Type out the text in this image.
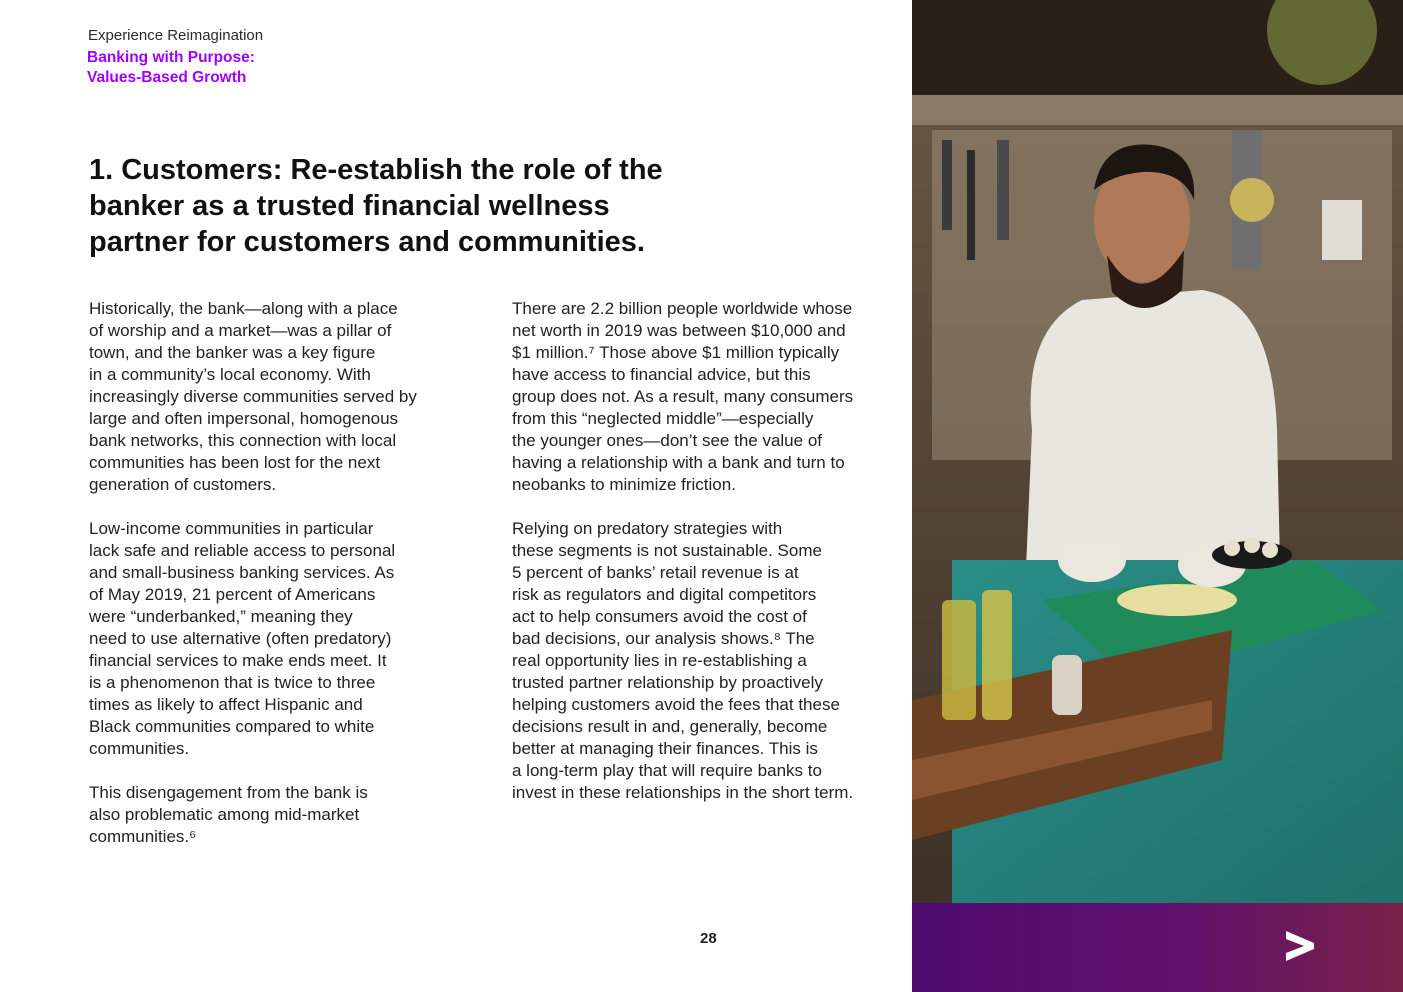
Experience Reimagination
Banking with Purpose:
Values-Based Growth
1. Customers: Re-establish the role of the
banker as a trusted financial wellness
partner for customers and communities.

Historically, the bank—along with a place
of worship and a market—was a pillar of
town, and the banker was a key figure
in a community’s local economy. With
increasingly diverse communities served by
large and often impersonal, homogenous
bank networks, this connection with local
communities has been lost for the next
generation of customers.

Low-income communities in particular
lack safe and reliable access to personal
and small-business banking services. As
of May 2019, 21 percent of Americans
were “underbanked,” meaning they
need to use alternative (often predatory)
financial services to make ends meet. It
is a phenomenon that is twice to three
times as likely to affect Hispanic and
Black communities compared to white
communities.

This disengagement from the bank is
also problematic among mid-market
communities.⁶

There are 2.2 billion people worldwide whose
net worth in 2019 was between $10,000 and
$1 million.⁷ Those above $1 million typically
have access to financial advice, but this
group does not. As a result, many consumers
from this “neglected middle”—especially
the younger ones—don’t see the value of
having a relationship with a bank and turn to
neobanks to minimize friction.

Relying on predatory strategies with
these segments is not sustainable. Some
5 percent of banks’ retail revenue is at
risk as regulators and digital competitors
act to help consumers avoid the cost of
bad decisions, our analysis shows.⁸ The
real opportunity lies in re-establishing a
trusted partner relationship by proactively
helping customers avoid the fees that these
decisions result in and, generally, become
better at managing their finances. This is
a long-term play that will require banks to
invest in these relationships in the short term.

28
